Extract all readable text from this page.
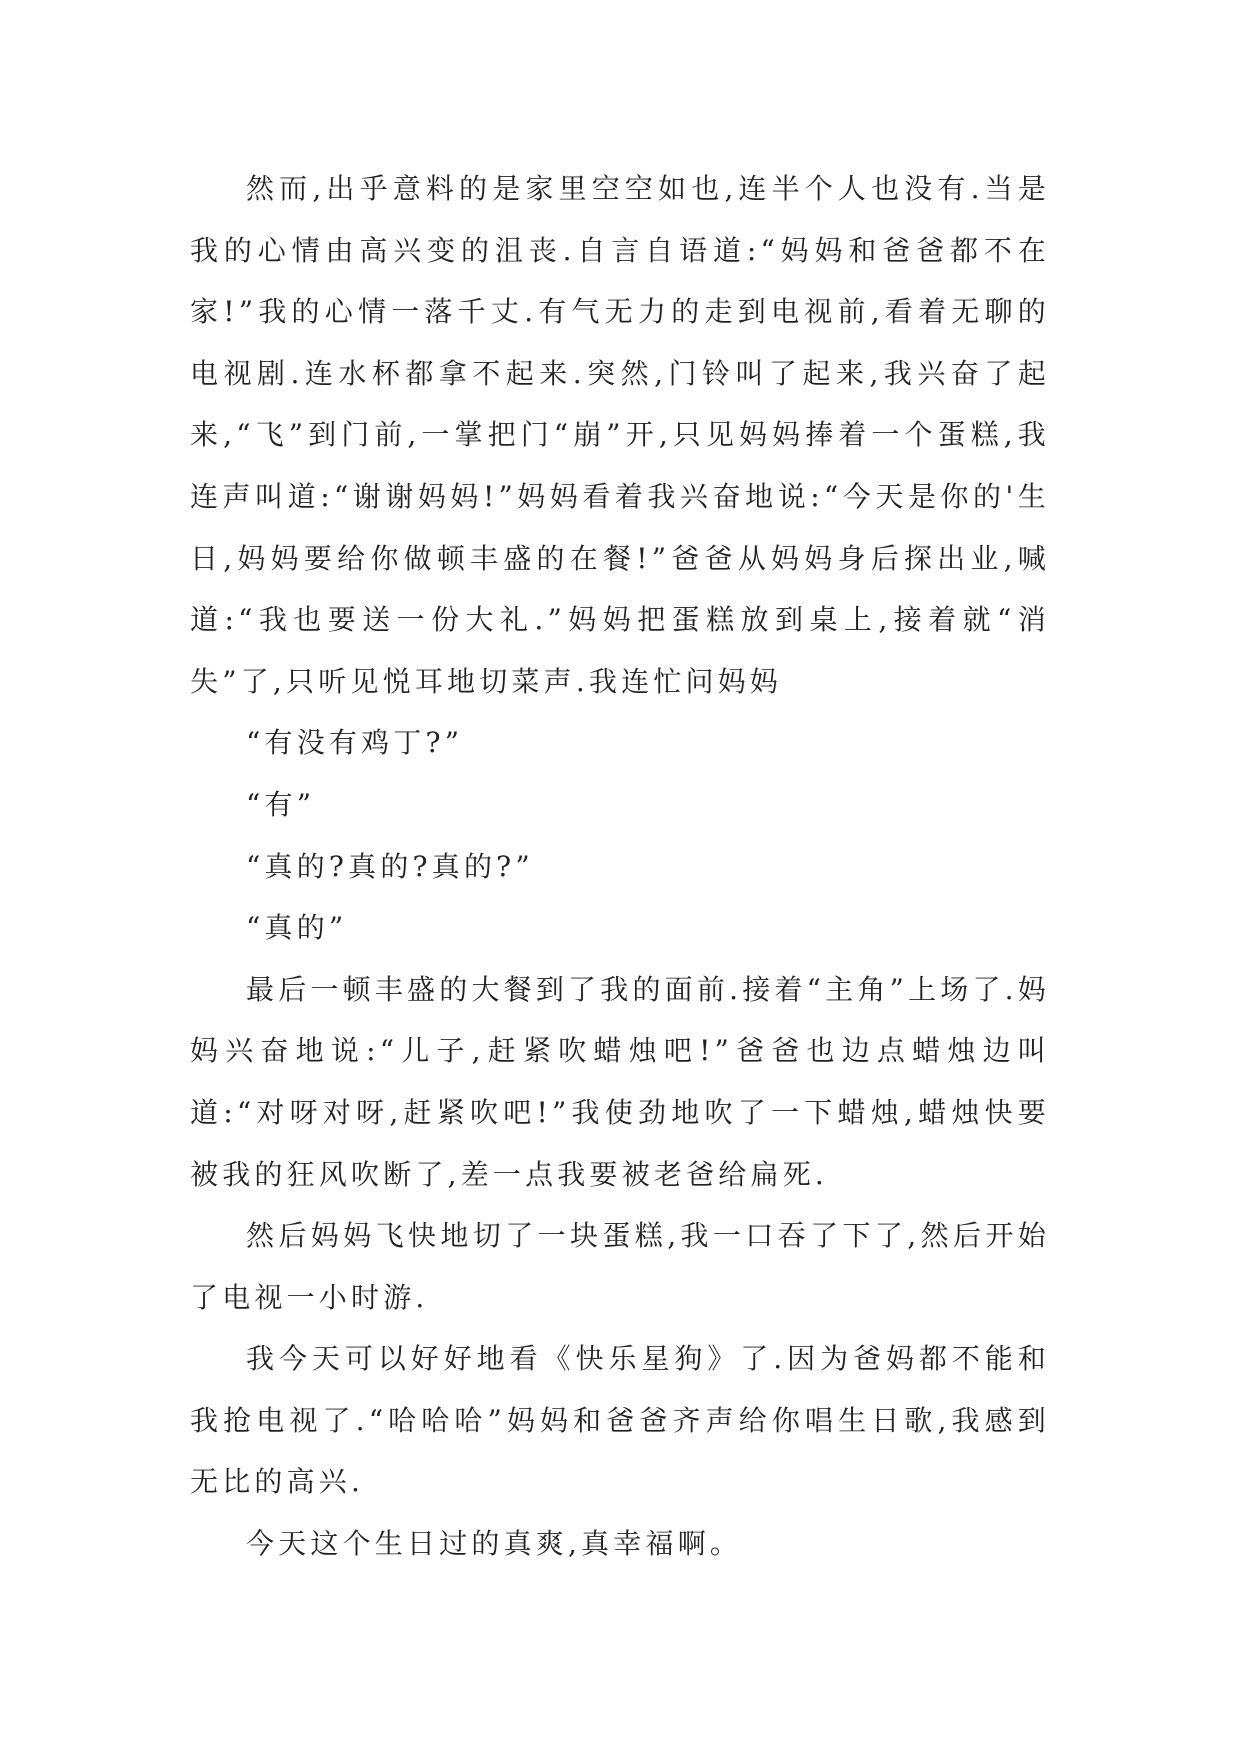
然而,出乎意料的是家里空空如也,连半个人也没有.当是我的心情由高兴变的沮丧.自言自语道:“妈妈和爸爸都不在家!”我的心情一落千丈.有气无力的走到电视前,看着无聊的电视剧.连水杯都拿不起来.突然,门铃叫了起来,我兴奋了起来,“飞”到门前,一掌把门“崩”开,只见妈妈捧着一个蛋糕,我连声叫道:“谢谢妈妈!”妈妈看着我兴奋地说:“今天是你的'生日,妈妈要给你做顿丰盛的在餐!”爸爸从妈妈身后探出业,喊道:“我也要送一份大礼.”妈妈把蛋糕放到桌上,接着就“消失”了,只听见悦耳地切菜声.我连忙问妈妈

“有没有鸡丁?”

“有”

“真的?真的?真的?”

“真的”

最后一顿丰盛的大餐到了我的面前.接着“主角”上场了.妈妈兴奋地说:“儿子,赶紧吹蜡烛吧!”爸爸也边点蜡烛边叫道:“对呀对呀,赶紧吹吧!”我使劲地吹了一下蜡烛,蜡烛快要被我的狂风吹断了,差一点我要被老爸给扁死.

然后妈妈飞快地切了一块蛋糕,我一口吞了下了,然后开始了电视一小时游.

我今天可以好好地看《快乐星狗》了.因为爸妈都不能和我抢电视了.“哈哈哈”妈妈和爸爸齐声给你唱生日歌,我感到无比的高兴.

今天这个生日过的真爽,真幸福啊。
